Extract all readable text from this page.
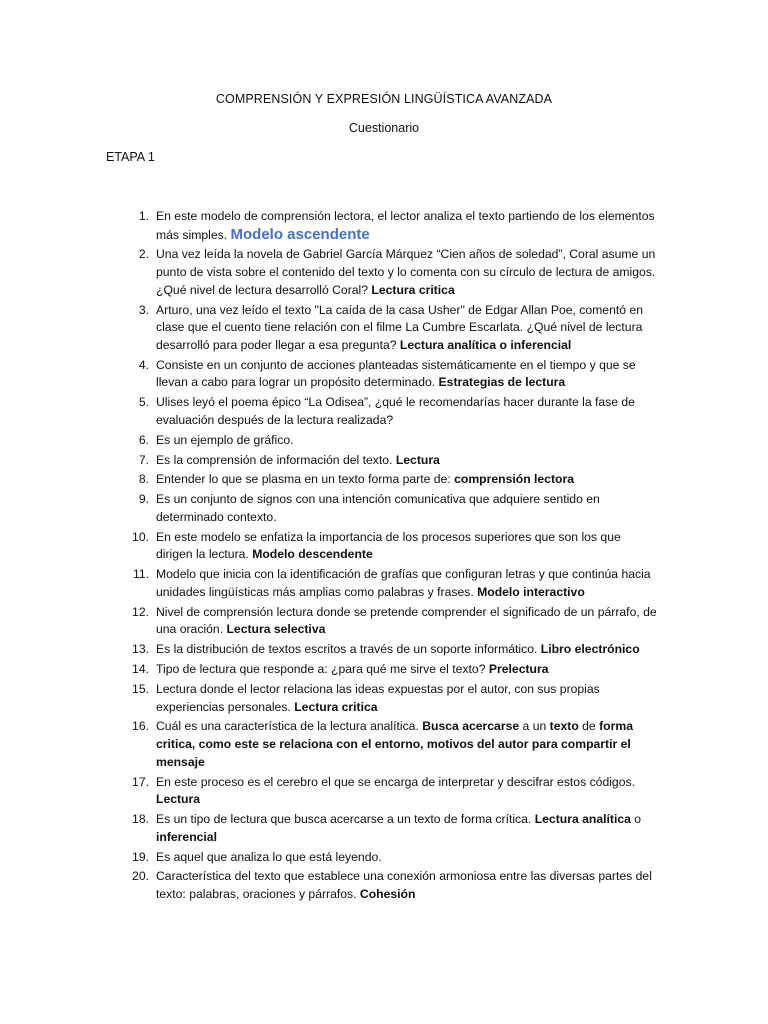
COMPRENSIÓN Y EXPRESIÓN LINGÜÍSTICA AVANZADA
Cuestionario
ETAPA 1
1. En este modelo de comprensión lectora, el lector analiza el texto partiendo de los elementos más simples. Modelo ascendente
2. Una vez leída la novela de Gabriel García Márquez “Cien años de soledad”, Coral asume un punto de vista sobre el contenido del texto y lo comenta con su círculo de lectura de amigos. ¿Qué nivel de lectura desarrolló Coral? Lectura critica
3. Arturo, una vez leído el texto "La caída de la casa Usher" de Edgar Allan Poe, comentó en clase que el cuento tiene relación con el filme La Cumbre Escarlata. ¿Qué nivel de lectura desarrolló para poder llegar a esa pregunta? Lectura analítica o inferencial
4. Consiste en un conjunto de acciones planteadas sistemáticamente en el tiempo y que se llevan a cabo para lograr un propósito determinado. Estrategias de lectura
5. Ulises leyó el poema épico “La Odisea”, ¿qué le recomendarías hacer durante la fase de evaluación después de la lectura realizada?
6. Es un ejemplo de gráfico.
7. Es la comprensión de información del texto. Lectura
8. Entender lo que se plasma en un texto forma parte de: comprensión lectora
9. Es un conjunto de signos con una intención comunicativa que adquiere sentido en determinado contexto.
10. En este modelo se enfatiza la importancia de los procesos superiores que son los que dirigen la lectura. Modelo descendente
11. Modelo que inicia con la identificación de grafías que configuran letras y que continúa hacia unidades lingüísticas más amplias como palabras y frases. Modelo interactivo
12. Nivel de comprensión lectura donde se pretende comprender el significado de un párrafo, de una oración. Lectura selectiva
13. Es la distribución de textos escritos a través de un soporte informático. Libro electrónico
14. Tipo de lectura que responde a: ¿para qué me sirve el texto? Prelectura
15. Lectura donde el lector relaciona las ideas expuestas por el autor, con sus propias experiencias personales. Lectura critica
16. Cuál es una característica de la lectura analítica. Busca acercarse a un texto de forma critica, como este se relaciona con el entorno, motivos del autor para compartir el mensaje
17. En este proceso es el cerebro el que se encarga de interpretar y descifrar estos códigos. Lectura
18. Es un tipo de lectura que busca acercarse a un texto de forma crítica. Lectura analítica o inferencial
19. Es aquel que analiza lo que está leyendo.
20. Característica del texto que establece una conexión armoniosa entre las diversas partes del texto: palabras, oraciones y párrafos. Cohesión
